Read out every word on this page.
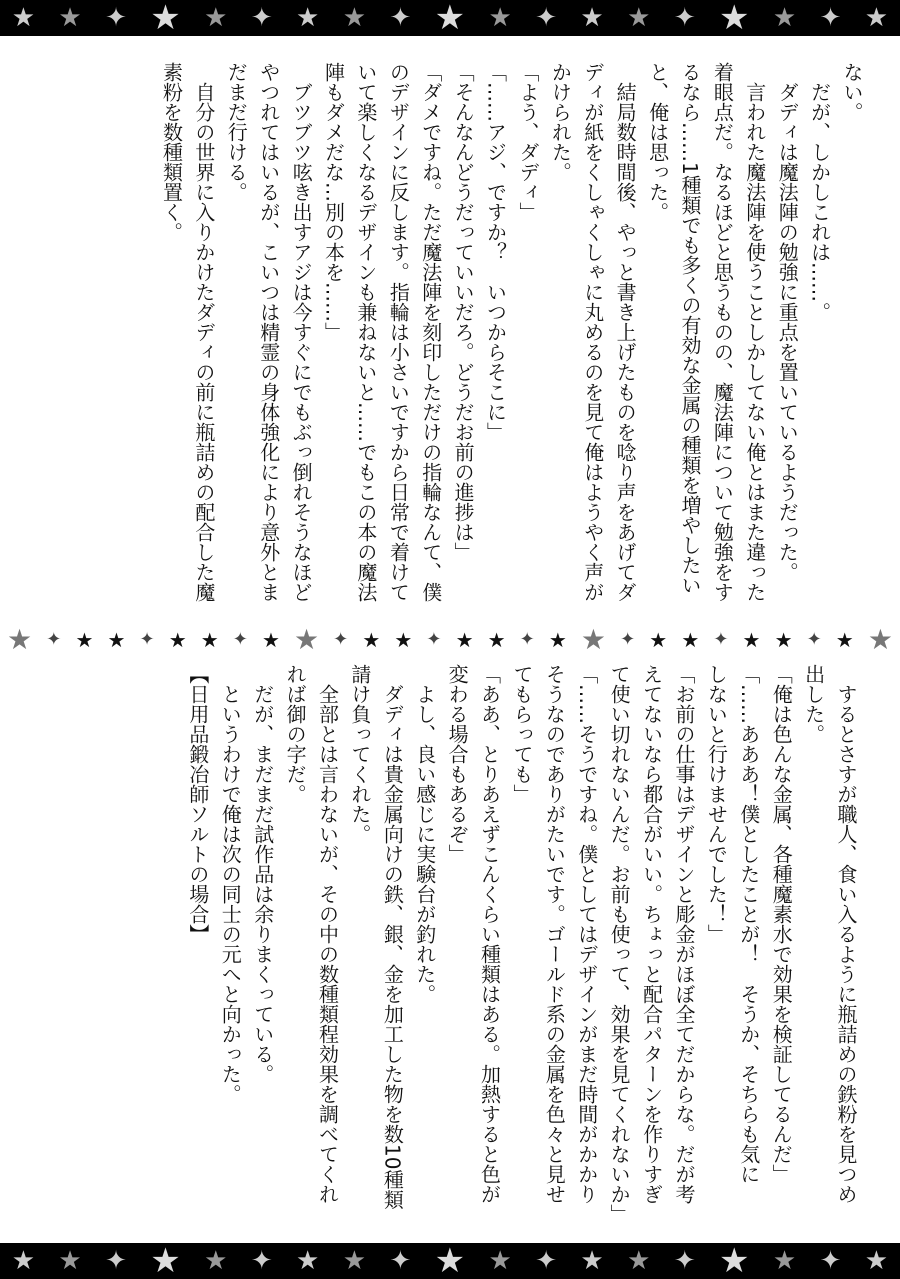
★ ★ ✦ ★ ★ ✦ ★ ★ ✦ ★ ★ ✦ ★ ★ ✦ ★ ★ ✦ ★
★ ✦ ★ ★ ✦ ★ ★ ✦ ★ ★ ✦ ★ ★ ✦ ★ ★ ✦ ★ ★ ✦ ★ ★ ✦ ★ ★ ✦ ★ ★
★ ★ ✦ ★ ★ ✦ ★ ★ ✦ ★ ★ ✦ ★ ★ ✦ ★ ★ ✦ ★
ない。
　だが、しかしこれは……。
　ダディは魔法陣の勉強に重点を置いているようだった。
　言われた魔法陣を使うことしかしてない俺とはまた違った
着眼点だ。なるほどと思うものの、魔法陣について勉強をす
るなら……1種類でも多くの有効な金属の種類を増やしたい
と、俺は思った。
　結局数時間後、やっと書き上げたものを唸り声をあげてダ
ディが紙をくしゃくしゃに丸めるのを見て俺はようやく声が
かけられた。
「よう、ダディ」
「……アジ、ですか？　いつからそこに」
「そんなんどうだっていいだろ。どうだお前の進捗は」
「ダメですね。ただ魔法陣を刻印しただけの指輪なんて、僕
のデザインに反します。指輪は小さいですから日常で着けて
いて楽しくなるデザインも兼ねないと……でもこの本の魔法
陣もダメだな…別の本を……」
　ブツブツ呟き出すアジは今すぐにでもぶっ倒れそうなほど
やつれてはいるが、こいつは精霊の身体強化により意外とま
だまだ行ける。
　自分の世界に入りかけたダディの前に瓶詰めの配合した魔
素粉を数種類置く。
　するとさすが職人、食い入るように瓶詰めの鉄粉を見つめ
出した。
「俺は色んな金属、各種魔素水で効果を検証してるんだ」
「……あああ！僕としたことが！　そうか、そちらも気に
しないと行けませんでした！」
「お前の仕事はデザインと彫金がほぼ全てだからな。だが考
えてないなら都合がいい。ちょっと配合パターンを作りすぎ
て使い切れないんだ。お前も使って、効果を見てくれないか」
「……そうですね。僕としてはデザインがまだ時間がかかり
そうなのでありがたいです。ゴールド系の金属を色々と見せ
てもらっても」
「ああ、とりあえずこんくらい種類はある。加熱すると色が
変わる場合もあるぞ」
　よし、良い感じに実験台が釣れた。
　ダディは貴金属向けの鉄、銀、金を加工した物を数10種類
請け負ってくれた。
　全部とは言わないが、その中の数種類程効果を調べてくれ
れば御の字だ。
　だが、まだまだ試作品は余りまくっている。
　というわけで俺は次の同士の元へと向かった。
【日用品鍛冶師ソルトの場合】
